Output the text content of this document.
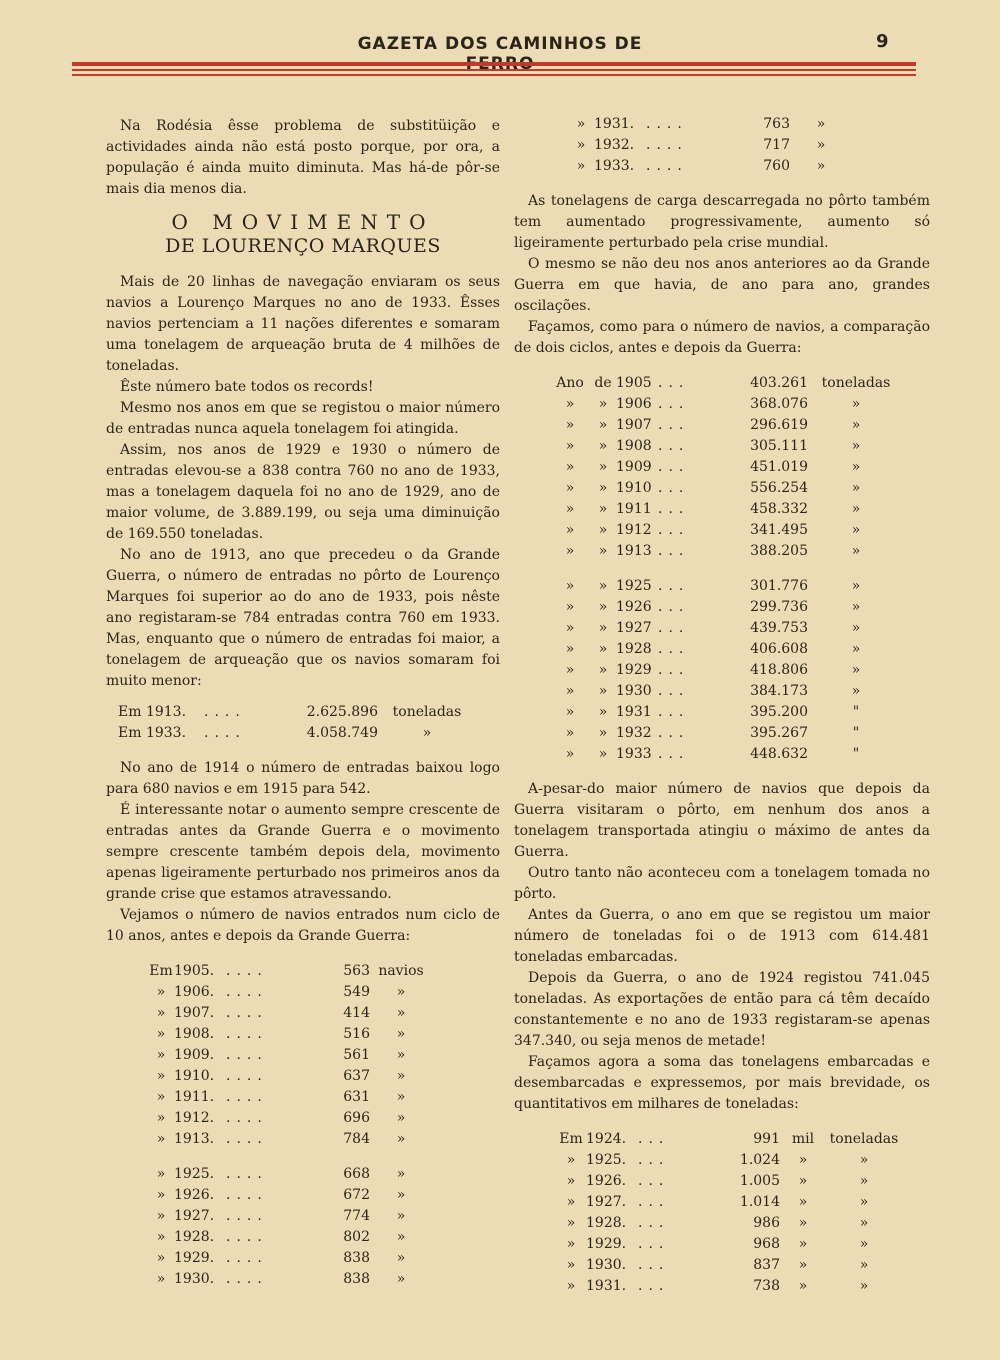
GAZETA DOS CAMINHOS DE	9

Na Rodésia êsse problema de substitüição e actividades ainda não está posto porque, por ora, a população é ainda muito diminuta. Mas há-de pôr-se mais dia menos dia.

O MOVIMENTO
DE LOURENÇO MARQUES

Mais de 20 linhas de navegação enviaram os seus navios a Lourenço Marques no ano de 1933. Êsses navios pertenciam a 11 nações diferentes e somaram uma tonelagem de arqueação bruta de 4 milhões de toneladas.

Êste número bate todos os records!

Mesmo nos anos em que se registou o maior número de entradas nunca aquela tonelagem foi atingida.

Assim, nos anos de 1929 e 1930 o número de entradas elevou-se a 838 contra 760 no ano de 1933, mas a tonelagem daquela foi no ano de 1929, ano de maior volume, de 3.889.199, ou seja uma diminuição de 169.550 toneladas.

No ano de 1913, ano que precedeu o da Grande Guerra, o número de entradas no pôrto de Lourenço Marques foi superior ao do ano de 1933, pois nêste ano registaram-se 784 entradas contra 760 em 1933. Mas, enquanto que o número de entradas foi maior, a tonelagem de arqueação que os navios somaram foi muito menor:

Em 1913.	....	2.625.896	toneladas
Em 1933.	....	4.058.749	»

No ano de 1914 o número de entradas baixou logo para 680 navios e em 1915 para 542.

É interessante notar o aumento sempre crescente de entradas antes da Grande Guerra e o movimento sempre crescente também depois dela, movimento apenas ligeiramente perturbado nos primeiros anos da grande crise que estamos atravessando.

Vejamos o número de navios entrados num ciclo de 10 anos, antes e depois da Grande Guerra:

Em	1905.	....	563	navios
»	1906.	....	549	»
»	1907.	....	414	»
»	1908.	....	516	»
»	1909.	....	561	»
»	1910.	....	637	»
»	1911.	....	631	»
»	1912.	....	696	»
»	1913.	....	784	»

»	1925.	....	668	»
»	1926.	....	672	»
»	1927.	....	774	»
»	1928.	....	802	»
»	1929.	....	838	»
»	1930.	....	838	»
»	1931.	....	763	»
»	1932.	....	717	»
»	1933.	....	760	»

As tonelagens de carga descarregada no pôrto também tem aumentado progressivamente, aumento só ligeiramente perturbado pela crise mundial.

O mesmo se não deu nos anos anteriores ao da Grande Guerra em que havia, de ano para ano, grandes oscilações.

Façamos, como para o número de navios, a comparação de dois ciclos, antes e depois da Guerra:

Ano	de	1905	...	403.261	toneladas
»	»	1906	...	368.076	»
»	»	1907	...	296.619	»
»	»	1908	...	305.111	»
»	»	1909	...	451.019	»
»	»	1910	...	556.254	»
»	»	1911	...	458.332	»
»	»	1912	...	341.495	»
»	»	1913	...	388.205	»

»	»	1925	...	301.776	»
»	»	1926	...	299.736	»
»	»	1927	...	439.753	»
»	»	1928	...	406.608	»
»	»	1929	...	418.806	»
»	»	1930	...	384.173	»
»	»	1931	...	395.200	"
»	»	1932	...	395.267	"
»	»	1933	...	448.632	"

A-pesar-do maior número de navios que depois da Guerra visitaram o pôrto, em nenhum dos anos a tonelagem transportada atingiu o máximo de antes da Guerra.

Outro tanto não aconteceu com a tonelagem tomada no pôrto.

Antes da Guerra, o ano em que se registou um maior número de toneladas foi o de 1913 com 614.481 toneladas embarcadas.

Depois da Guerra, o ano de 1924 registou 741.045 toneladas. As exportações de então para cá têm decaído constantemente e no ano de 1933 registaram-se apenas 347.340, ou seja menos de metade!

Façamos agora a soma das tonelagens embarcadas e desembarcadas e expressemos, por mais brevidade, os quantitativos em milhares de toneladas:

Em	1924.	...	991	mil	toneladas
»	1925.	...	1.024	»	»
»	1926.	...	1.005	»	»
»	1927.	...	1.014	»	»
»	1928.	...	986	»	»
»	1929.	...	968	»	»
»	1930.	...	837	»	»
»	1931.	...	738	»	»
